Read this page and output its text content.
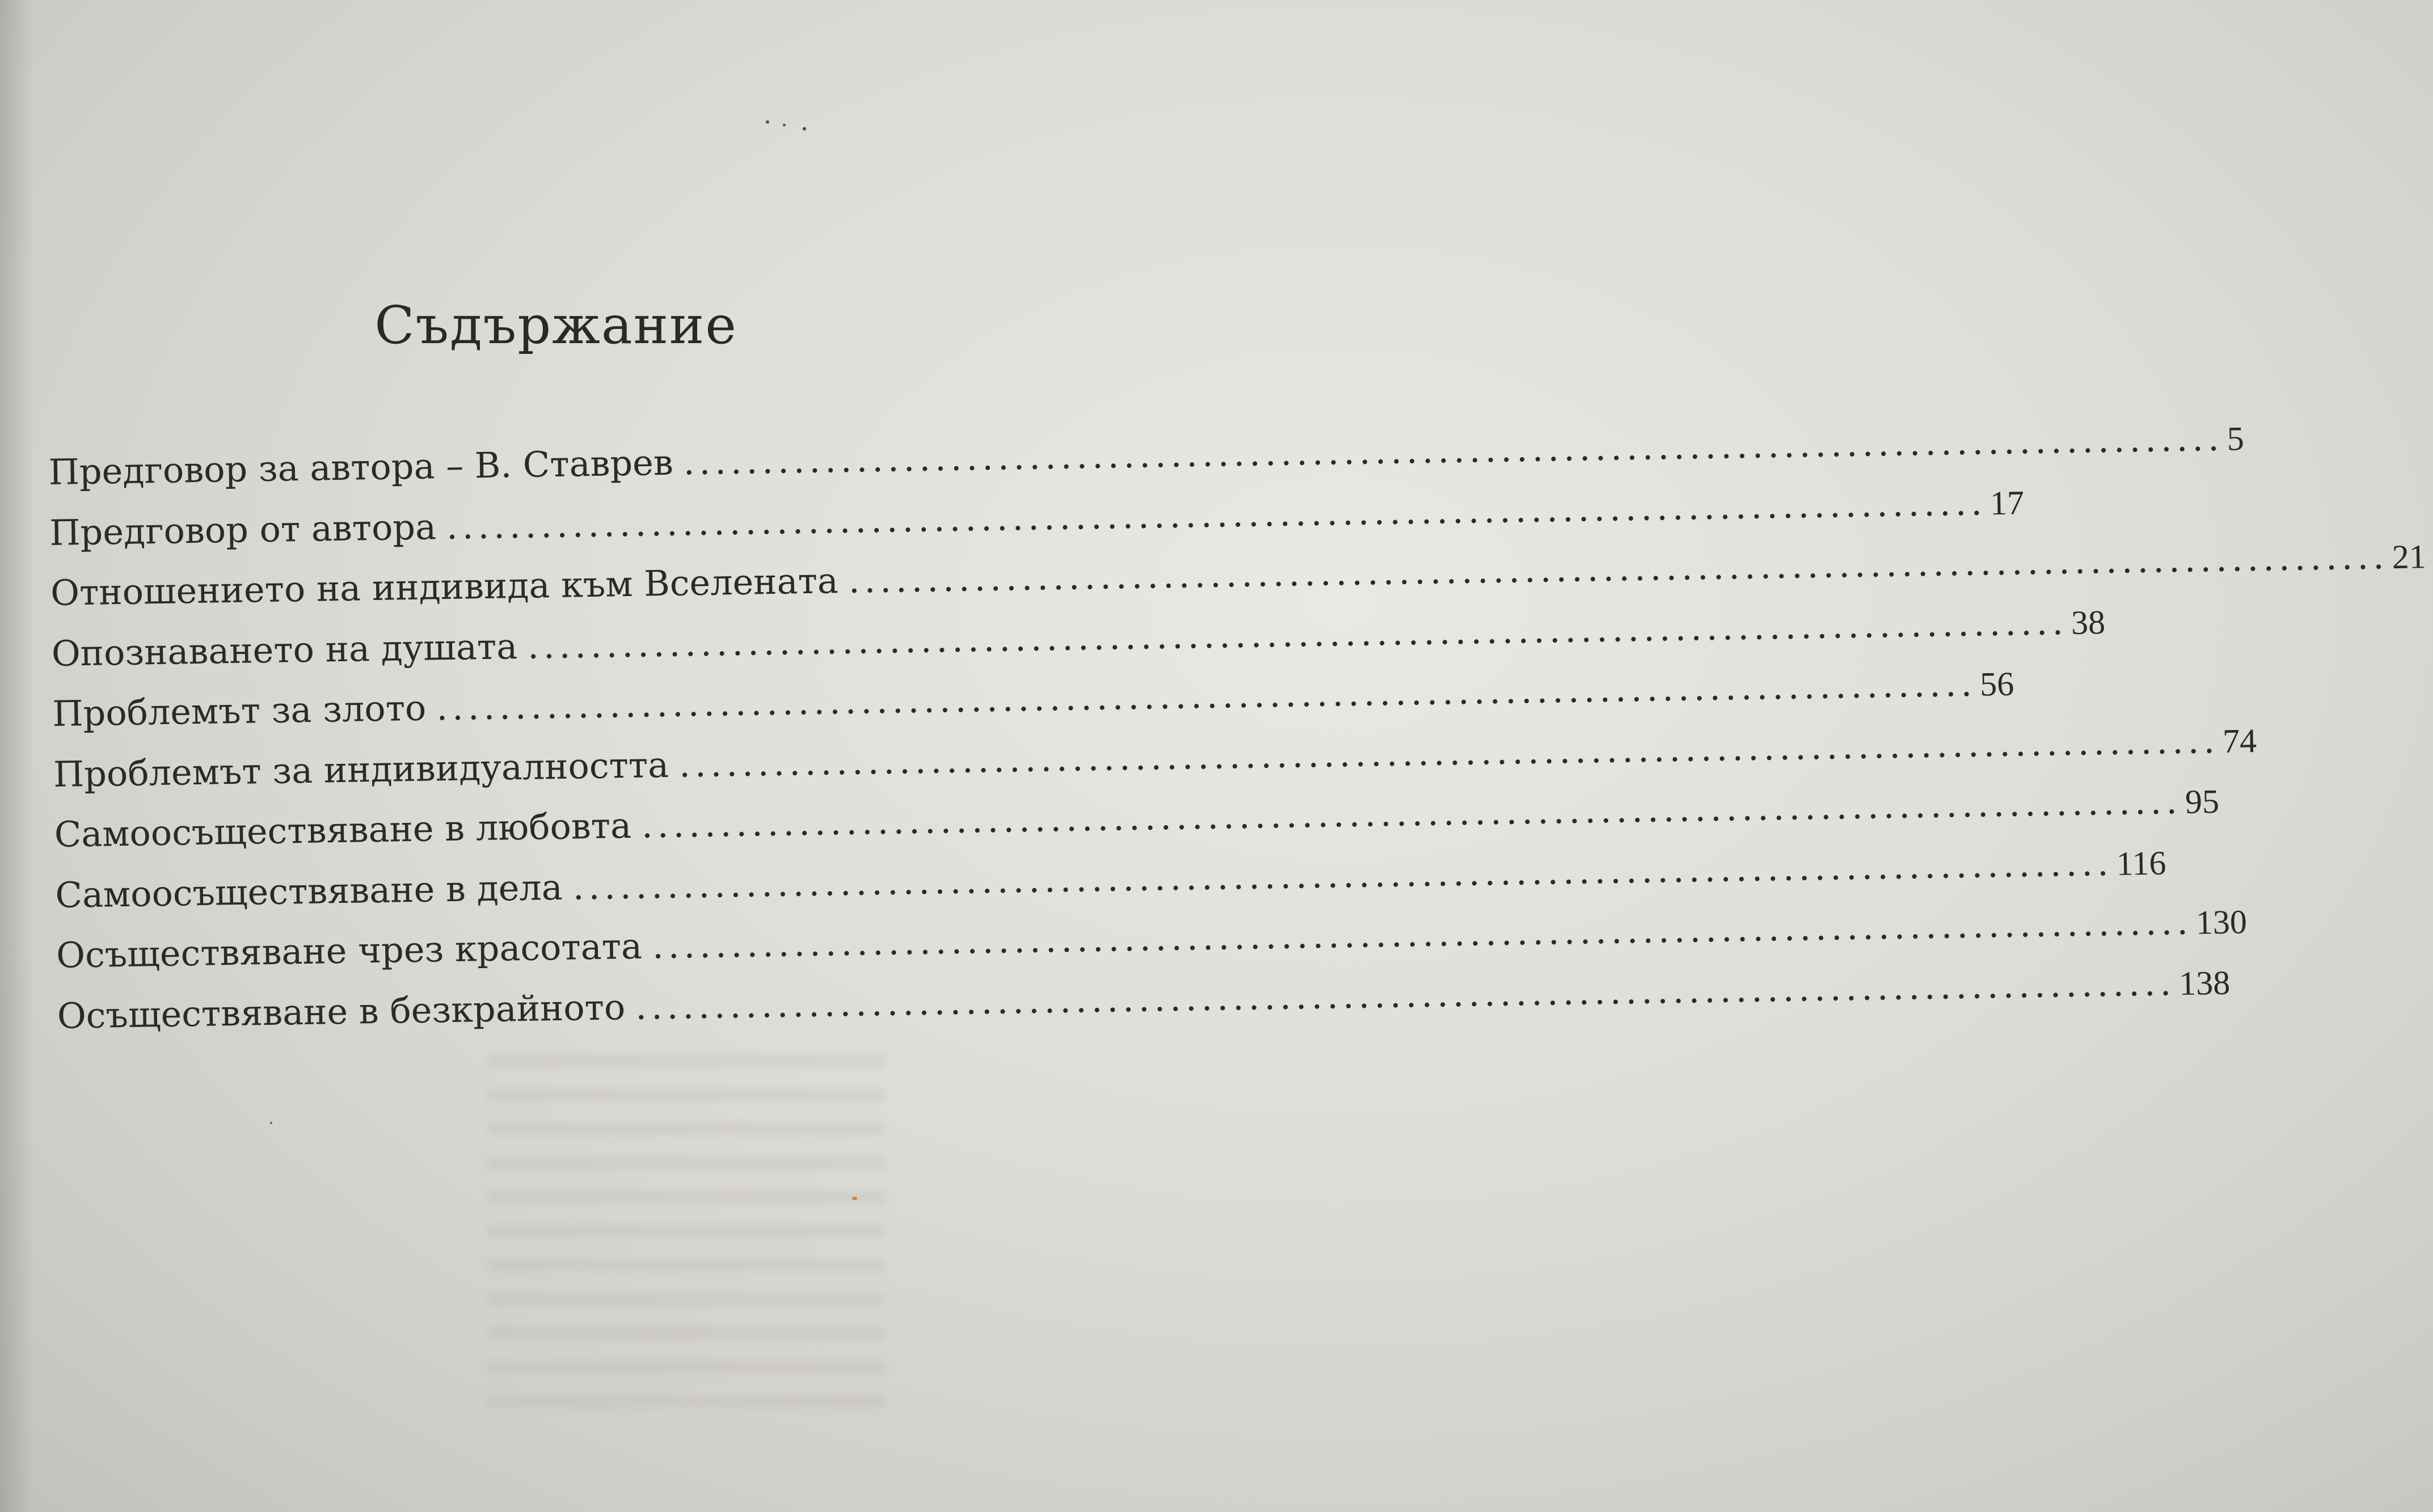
Съдържание
Предговор за автора – В. Ставрев .................................................................................................. 5
Предговор от автора .................................................................................................. 17
Отношението на индивида към Вселената .................................................................................................. 21
Опознаването на душата .................................................................................................. 38
Проблемът за злото .................................................................................................. 56
Проблемът за индивидуалността .................................................................................................. 74
Самоосъществяване в любовта .................................................................................................. 95
Самоосъществяване в дела .................................................................................................. 116
Осъществяване чрез красотата .................................................................................................. 130
Осъществяване в безкрайното .................................................................................................. 138
